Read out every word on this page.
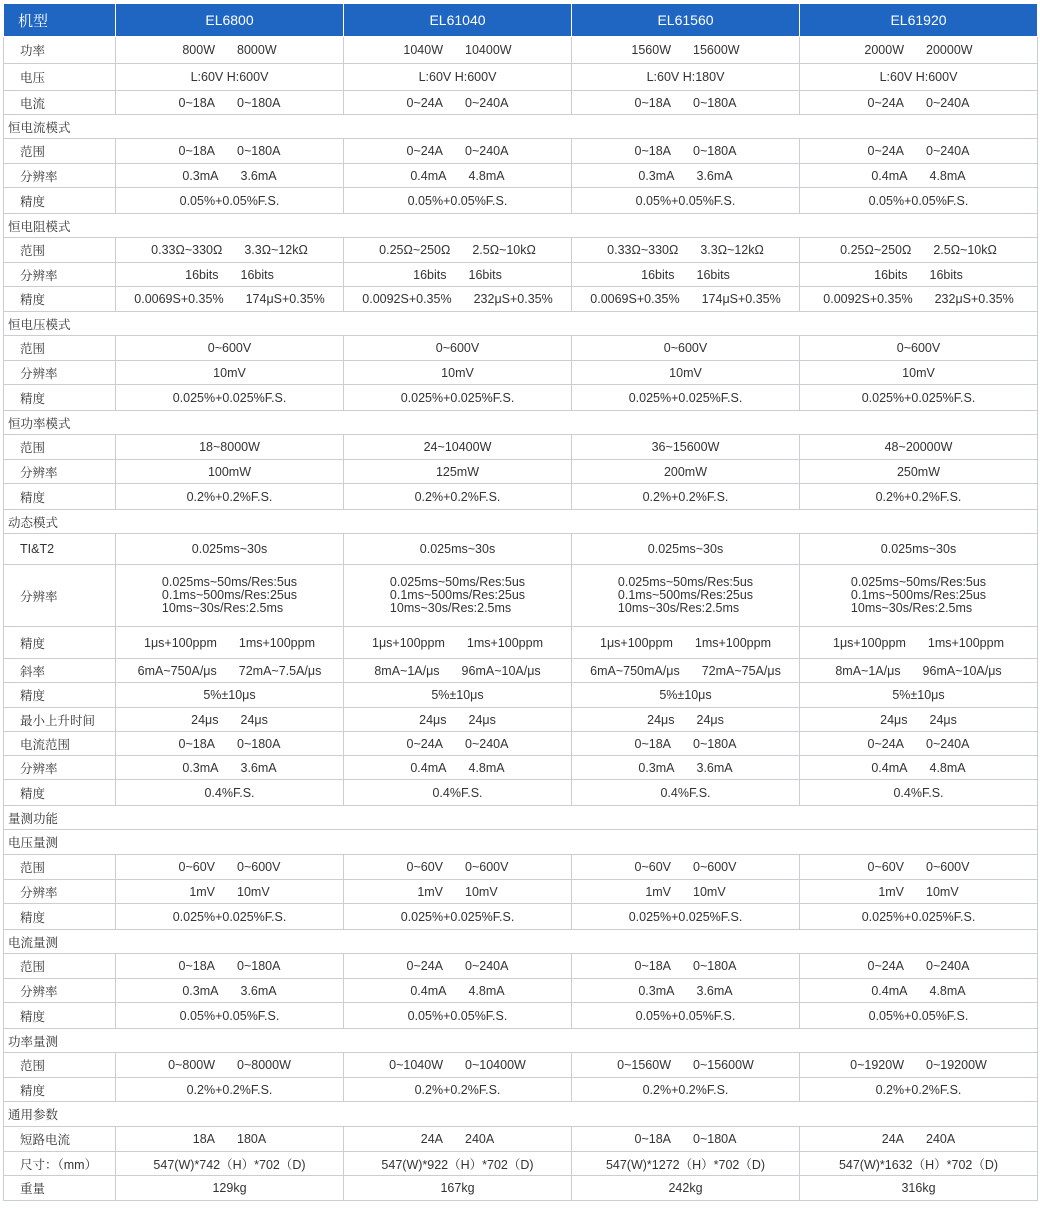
机型	EL6800	EL61040	EL61560	EL61920
功率	800W 8000W	1040W 10400W	1560W 15600W	2000W 20000W

电压	L:60V H:600V	L:60V H:600V	L:60V H:180V	L:60V H:600V
电流	0~18A 0~180A	0~24A 0~240A	0~18A 0~180A	0~24A 0~240A

恒电流模式				
范围	0~18A 0~180A	0~24A 0~240A	0~18A 0~180A	0~24A 0~240A

分辨率	0.3mA 3.6mA	0.4mA 4.8mA	0.3mA 3.6mA	0.4mA 4.8mA

精度	0.05%+0.05%F.S.	0.05%+0.05%F.S.	0.05%+0.05%F.S.	0.05%+0.05%F.S.
恒电阻模式				
范围	0.33Ω~330Ω 3.3Ω~12kΩ	0.25Ω~250Ω 2.5Ω~10kΩ	0.33Ω~330Ω 3.3Ω~12kΩ	0.25Ω~250Ω 2.5Ω~10kΩ

分辨率	16bits 16bits	16bits 16bits	16bits 16bits	16bits 16bits

精度	0.0069S+0.35% 174μS+0.35%	0.0092S+0.35% 232μS+0.35%	0.0069S+0.35% 174μS+0.35%	0.0092S+0.35% 232μS+0.35%

恒电压模式				
范围	0~600V	0~600V	0~600V	0~600V
分辨率	10mV	10mV	10mV	10mV
精度	0.025%+0.025%F.S.	0.025%+0.025%F.S.	0.025%+0.025%F.S.	0.025%+0.025%F.S.
恒功率模式				
范围	18~8000W	24~10400W	36~15600W	48~20000W
分辨率	100mW	125mW	200mW	250mW
精度	0.2%+0.2%F.S.	0.2%+0.2%F.S.	0.2%+0.2%F.S.	0.2%+0.2%F.S.
动态模式				
TI&T2	0.025ms~30s	0.025ms~30s	0.025ms~30s	0.025ms~30s
分辨率	0.025ms~50ms/Res:5us
0.1ms~500ms/Res:25us
10ms~30s/Res:2.5ms	0.025ms~50ms/Res:5us
0.1ms~500ms/Res:25us
10ms~30s/Res:2.5ms	0.025ms~50ms/Res:5us
0.1ms~500ms/Res:25us
10ms~30s/Res:2.5ms	0.025ms~50ms/Res:5us
0.1ms~500ms/Res:25us
10ms~30s/Res:2.5ms
精度	1μs+100ppm 1ms+100ppm	1μs+100ppm 1ms+100ppm	1μs+100ppm 1ms+100ppm	1μs+100ppm 1ms+100ppm

斜率	6mA~750A/μs 72mA~7.5A/μs	8mA~1A/μs 96mA~10A/μs	6mA~750mA/μs 72mA~75A/μs	8mA~1A/μs 96mA~10A/μs

精度	5%±10μs	5%±10μs	5%±10μs	5%±10μs
最小上升时间	24μs 24μs	24μs 24μs	24μs 24μs	24μs 24μs

电流范围	0~18A 0~180A	0~24A 0~240A	0~18A 0~180A	0~24A 0~240A

分辨率	0.3mA 3.6mA	0.4mA 4.8mA	0.3mA 3.6mA	0.4mA 4.8mA

精度	0.4%F.S.	0.4%F.S.	0.4%F.S.	0.4%F.S.
量测功能				
电压量测				
范围	0~60V 0~600V	0~60V 0~600V	0~60V 0~600V	0~60V 0~600V

分辨率	1mV 10mV	1mV 10mV	1mV 10mV	1mV 10mV

精度	0.025%+0.025%F.S.	0.025%+0.025%F.S.	0.025%+0.025%F.S.	0.025%+0.025%F.S.
电流量测				
范围	0~18A 0~180A	0~24A 0~240A	0~18A 0~180A	0~24A 0~240A

分辨率	0.3mA 3.6mA	0.4mA 4.8mA	0.3mA 3.6mA	0.4mA 4.8mA

精度	0.05%+0.05%F.S.	0.05%+0.05%F.S.	0.05%+0.05%F.S.	0.05%+0.05%F.S.
功率量测				
范围	0~800W 0~8000W	0~1040W 0~10400W	0~1560W 0~15600W	0~1920W 0~19200W

精度	0.2%+0.2%F.S.	0.2%+0.2%F.S.	0.2%+0.2%F.S.	0.2%+0.2%F.S.
通用参数				
短路电流	18A 180A	24A 240A	0~18A 0~180A	24A 240A

尺寸：（mm）	547(W)*742（H）*702（D)	547(W)*922（H）*702（D)	547(W)*1272（H）*702（D)	547(W)*1632（H）*702（D)
重量	129kg	167kg	242kg	316kg
